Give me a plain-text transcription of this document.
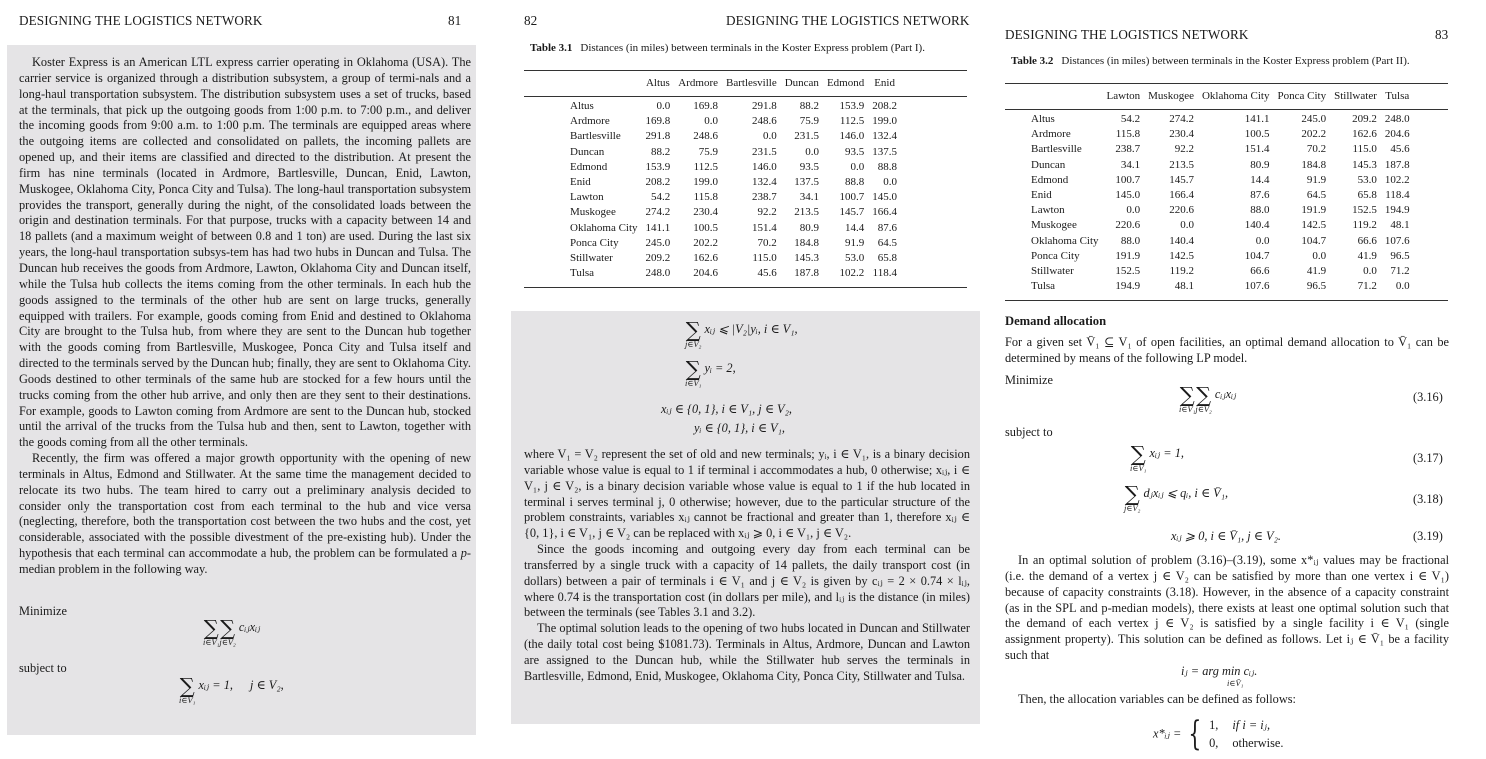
DESIGNING THE LOGISTICS NETWORK	81

Koster Express is an American LTL express carrier operating in Oklahoma (USA). The carrier service is organized through a distribution subsystem, a group of termi-nals and a long-haul transportation subsystem. The distribution subsystem uses a set of trucks, based at the terminals, that pick up the outgoing goods from 1:00 p.m. to 7:00 p.m., and deliver the incoming goods from 9:00 a.m. to 1:00 p.m. The terminals are equipped areas where the outgoing items are collected and consolidated on pallets, the incoming pallets are opened up, and their items are classified and directed to the distribution. At present the firm has nine terminals (located in Ardmore, Bartlesville, Duncan, Enid, Lawton, Muskogee, Oklahoma City, Ponca City and Tulsa). The long-haul transportation subsystem provides the transport, generally during the night, of the consolidated loads between the origin and destination terminals. For that purpose, trucks with a capacity between 14 and 18 pallets (and a maximum weight of between 0.8 and 1 ton) are used. During the last six years, the long-haul transportation subsys-tem has had two hubs in Duncan and Tulsa. The Duncan hub receives the goods from Ardmore, Lawton, Oklahoma City and Duncan itself, while the Tulsa hub collects the items coming from the other terminals. In each hub the goods assigned to the terminals of the other hub are sent on large trucks, generally equipped with trailers. For example, goods coming from Enid and destined to Oklahoma City are brought to the Tulsa hub, from where they are sent to the Duncan hub together with the goods coming from Bartlesville, Muskogee, Ponca City and Tulsa itself and directed to the terminals served by the Duncan hub; finally, they are sent to Oklahoma City. Goods destined to other terminals of the same hub are stocked for a few hours until the trucks coming from the other hub arrive, and only then are they sent to their destinations. For example, goods to Lawton coming from Ardmore are sent to the Duncan hub, stocked until the arrival of the trucks from the Tulsa hub and then, sent to Lawton, together with the goods coming from all the other terminals.

Recently, the firm was offered a major growth opportunity with the opening of new terminals in Altus, Edmond and Stillwater. At the same time the management decided to relocate its two hubs. The team hired to carry out a preliminary analysis decided to consider only the transportation cost from each terminal to the hub and vice versa (neglecting, therefore, both the transportation cost between the two hubs and the cost, yet considerable, associated with the possible divestment of the pre-existing hub). Under the hypothesis that each terminal can accommodate a hub, the problem can be formulated a p-median problem in the following way.

Minimize
∑
i∈V₁
∑
j∈V₂
cᵢⱼxᵢⱼ
subject to
∑
i∈V₁
xᵢⱼ = 1, j ∈ V₂,
82	DESIGNING THE LOGISTICS NETWORK
Table 3.1 Distances (in miles) between terminals in the Koster Express problem (Part I).
	Altus	Ardmore	Bartlesville	Duncan	Edmond	Enid
Altus	0.0	169.8	291.8	88.2	153.9	208.2
Ardmore	169.8	0.0	248.6	75.9	112.5	199.0
Bartlesville	291.8	248.6	0.0	231.5	146.0	132.4
Duncan	88.2	75.9	231.5	0.0	93.5	137.5
Edmond	153.9	112.5	146.0	93.5	0.0	88.8
Enid	208.2	199.0	132.4	137.5	88.8	0.0
Lawton	54.2	115.8	238.7	34.1	100.7	145.0
Muskogee	274.2	230.4	92.2	213.5	145.7	166.4
Oklahoma City	141.1	100.5	151.4	80.9	14.4	87.6
Ponca City	245.0	202.2	70.2	184.8	91.9	64.5
Stillwater	209.2	162.6	115.0	145.3	53.0	65.8
Tulsa	248.0	204.6	45.6	187.8	102.2	118.4
∑
j∈V₂
xᵢⱼ ⩽ |V₂|yᵢ, i ∈ V₁,
∑
i∈V₁
yᵢ = 2,
xᵢⱼ ∈ {0, 1}, i ∈ V₁, j ∈ V₂,
yᵢ ∈ {0, 1}, i ∈ V₁,

where V₁ = V₂ represent the set of old and new terminals; yᵢ, i ∈ V₁, is a binary decision variable whose value is equal to 1 if terminal i accommodates a hub, 0 otherwise; xᵢⱼ, i ∈ V₁, j ∈ V₂, is a binary decision variable whose value is equal to 1 if the hub located in terminal i serves terminal j, 0 otherwise; however, due to the particular structure of the problem constraints, variables xᵢⱼ cannot be fractional and greater than 1, therefore xᵢⱼ ∈ {0, 1}, i ∈ V₁, j ∈ V₂ can be replaced with xᵢⱼ ⩾ 0, i ∈ V₁, j ∈ V₂.

Since the goods incoming and outgoing every day from each terminal can be transferred by a single truck with a capacity of 14 pallets, the daily transport cost (in dollars) between a pair of terminals i ∈ V₁ and j ∈ V₂ is given by cᵢⱼ = 2 × 0.74 × lᵢⱼ, where 0.74 is the transportation cost (in dollars per mile), and lᵢⱼ is the distance (in miles) between the terminals (see Tables 3.1 and 3.2).

The optimal solution leads to the opening of two hubs located in Duncan and Stillwater (the daily total cost being $1081.73). Terminals in Altus, Ardmore, Duncan and Lawton are assigned to the Duncan hub, while the Stillwater hub serves the terminals in Bartlesville, Edmond, Enid, Muskogee, Oklahoma City, Ponca City, Stillwater and Tulsa.

DESIGNING THE LOGISTICS NETWORK	83
Table 3.2 Distances (in miles) between terminals in the Koster Express problem (Part II).
	Lawton	Muskogee	Oklahoma City	Ponca City	Stillwater	Tulsa
Altus	54.2	274.2	141.1	245.0	209.2	248.0
Ardmore	115.8	230.4	100.5	202.2	162.6	204.6
Bartlesville	238.7	92.2	151.4	70.2	115.0	45.6
Duncan	34.1	213.5	80.9	184.8	145.3	187.8
Edmond	100.7	145.7	14.4	91.9	53.0	102.2
Enid	145.0	166.4	87.6	64.5	65.8	118.4
Lawton	0.0	220.6	88.0	191.9	152.5	194.9
Muskogee	220.6	0.0	140.4	142.5	119.2	48.1
Oklahoma City	88.0	140.4	0.0	104.7	66.6	107.6
Ponca City	191.9	142.5	104.7	0.0	41.9	96.5
Stillwater	152.5	119.2	66.6	41.9	0.0	71.2
Tulsa	194.9	48.1	107.6	96.5	71.2	0.0
Demand allocation

For a given set V̄₁ ⊆ V₁ of open facilities, an optimal demand allocation to V̄₁ can be determined by means of the following LP model.

Minimize
∑
i∈V̄₁
∑
j∈V₂
cᵢⱼxᵢⱼ	(3.16)
subject to
∑
i∈V̄₁
xᵢⱼ = 1,	(3.17)
∑
j∈V₂
dⱼxᵢⱼ ⩽ qᵢ, i ∈ V̄₁,	(3.18)
xᵢⱼ ⩾ 0, i ∈ V̄₁, j ∈ V₂.	(3.19)

In an optimal solution of problem (3.16)–(3.19), some x*ᵢⱼ values may be fractional (i.e. the demand of a vertex j ∈ V₂ can be satisfied by more than one vertex i ∈ V₁) because of capacity constraints (3.18). However, in the absence of a capacity constraint (as in the SPL and p-median models), there exists at least one optimal solution such that the demand of each vertex j ∈ V₂ is satisfied by a single facility i ∈ V₁ (single assignment property). This solution can be defined as follows. Let iⱼ ∈ V̄₁ be a facility such that

iⱼ = arg min cᵢⱼ.
i∈V̄₁
Then, the allocation variables can be defined as follows:
x*ᵢⱼ = { 1, if i = iⱼ,
0, otherwise.
